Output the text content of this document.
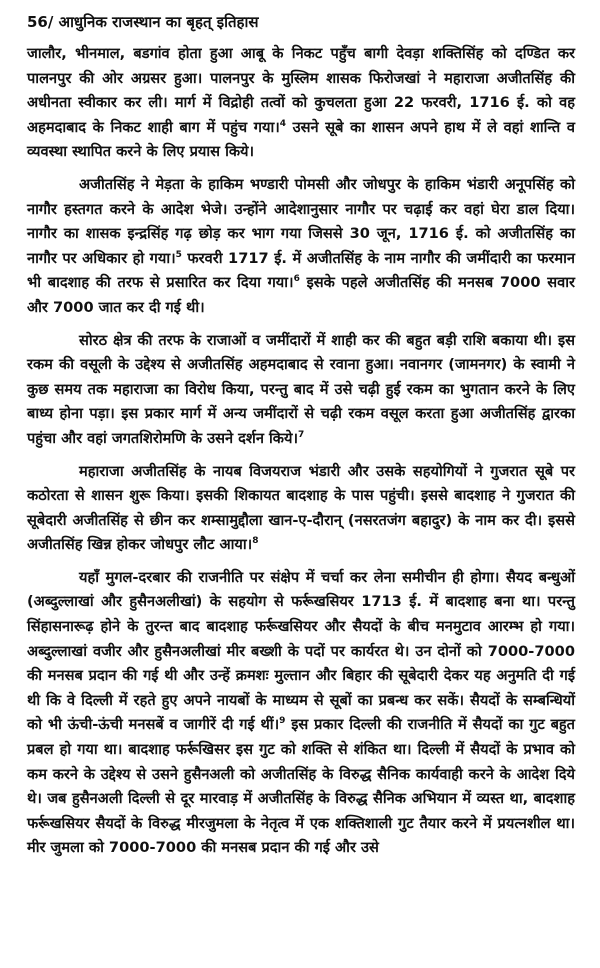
56/ आधुनिक राजस्थान का बृहत् इतिहास

जालौर, भीनमाल, बडगांव होता हुआ आबू के निकट पहुँच बागी देवड़ा शक्तिसिंह को दण्डित कर पालनपुर की ओर अग्रसर हुआ। पालनपुर के मुस्लिम शासक फिरोजखां ने महाराजा अजीतसिंह की अधीनता स्वीकार कर ली। मार्ग में विद्रोही तत्वों को कुचलता हुआ 22 फरवरी, 1716 ई. को वह अहमदाबाद के निकट शाही बाग में पहुंच गया।$^4$ उसने सूबे का शासन अपने हाथ में ले वहां शान्ति व व्यवस्था स्थापित करने के लिए प्रयास किये।

अजीतसिंह ने मेड़ता के हाकिम भण्डारी पोमसी और जोधपुर के हाकिम भंडारी अनूपसिंह को नागौर हस्तगत करने के आदेश भेजे। उन्होंने आदेशानुसार नागौर पर चढ़ाई कर वहां घेरा डाल दिया। नागौर का शासक इन्द्रसिंह गढ़ छोड़ कर भाग गया जिससे 30 जून, 1716 ई. को अजीतसिंह का नागौर पर अधिकार हो गया।$^5$ फरवरी 1717 ई. में अजीतसिंह के नाम नागौर की जमींदारी का फरमान भी बादशाह की तरफ से प्रसारित कर दिया गया।$^6$ इसके पहले अजीतसिंह की मनसब 7000 सवार और 7000 जात कर दी गई थी।

सोरठ क्षेत्र की तरफ के राजाओं व जमींदारों में शाही कर की बहुत बड़ी राशि बकाया थी। इस रकम की वसूली के उद्देश्य से अजीतसिंह अहमदाबाद से रवाना हुआ। नवानगर (जामनगर) के स्वामी ने कुछ समय तक महाराजा का विरोध किया, परन्तु बाद में उसे चढ़ी हुई रकम का भुगतान करने के लिए बाध्य होना पड़ा। इस प्रकार मार्ग में अन्य जमींदारों से चढ़ी रकम वसूल करता हुआ अजीतसिंह द्वारका पहुंचा और वहां जगतशिरोमणि के उसने दर्शन किये।$^7$

महाराजा अजीतसिंह के नायब विजयराज भंडारी और उसके सहयोगियों ने गुजरात सूबे पर कठोरता से शासन शुरू किया। इसकी शिकायत बादशाह के पास पहुंची। इससे बादशाह ने गुजरात की सूबेदारी अजीतसिंह से छीन कर शम्सामुद्दौला खान-ए-दौरान् (नसरतजंग बहादुर) के नाम कर दी। इससे अजीतसिंह खिन्न होकर जोधपुर लौट आया।$^8$

यहाँ मुगल-दरबार की राजनीति पर संक्षेप में चर्चा कर लेना समीचीन ही होगा। सैयद बन्धुओं (अब्दुल्लाखां और हुसैनअलीखां) के सहयोग से फर्रूखसियर 1713 ई. में बादशाह बना था। परन्तु सिंहासनारूढ़ होने के तुरन्त बाद बादशाह फर्रूखसियर और सैयदों के बीच मनमुटाव आरम्भ हो गया। अब्दुल्लाखां वजीर और हुसैनअलीखां मीर बख्शी के पदों पर कार्यरत थे। उन दोनों को 7000-7000 की मनसब प्रदान की गई थी और उन्हें क्रमशः मुल्तान और बिहार की सूबेदारी देकर यह अनुमति दी गई थी कि वे दिल्ली में रहते हुए अपने नायबों के माध्यम से सूबों का प्रबन्ध कर सकें। सैयदों के सम्बन्धियों को भी ऊंची-ऊंची मनसबें व जागीरें दी गई थीं।$^9$ इस प्रकार दिल्ली की राजनीति में सैयदों का गुट बहुत प्रबल हो गया था। बादशाह फर्रूखिसर इस गुट को शक्ति से शंकित था। दिल्ली में सैयदों के प्रभाव को कम करने के उद्देश्य से उसने हुसैनअली को अजीतसिंह के विरुद्ध सैनिक कार्यवाही करने के आदेश दिये थे। जब हुसैनअली दिल्ली से दूर मारवाड़ में अजीतसिंह के विरुद्ध सैनिक अभियान में व्यस्त था, बादशाह फर्रूखसियर सैयदों के विरुद्ध मीरजुमला के नेतृत्व में एक शक्तिशाली गुट तैयार करने में प्रयत्नशील था। मीर जुमला को 7000-7000 की मनसब प्रदान की गई और उसे
